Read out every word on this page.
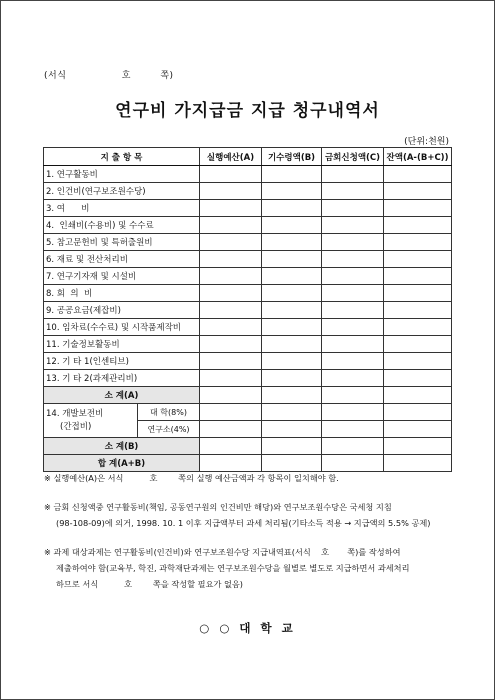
(서식	호	쪽)
연구비 가지급금 지급 청구내역서
(단위:천원)
지 출 항 목		실행예산(A)	기수령액(B)	금회신청액(C)	잔액(A-(B+C))
1. 연구활동비					
2. 인건비(연구보조원수당)					
3. 여      비					
4.  인쇄비(수용비) 및 수수료					
5. 참고문헌비 및 특허출원비					
6. 재료 및 전산처리비					
7. 연구기자재 및 시설비					
8. 회  의  비					
9. 공공요금(제잡비)					
10. 임차료(수수료) 및 시작품제작비					
11. 기술정보활동비					
12. 기 타 1(인센티브)					
13. 기 타 2(과제관리비)					
소 계(A)					
14. 개발보전비
(간접비)	대 학(8%)				
	연구소(4%)				
소 계(B)					
합 계(A+B)					
※ 실행예산(A)은 서식          호        쪽의 실행 예산금액과 각 항목이 일치해야 함.
※ 금회 신청액중 연구활동비(책임, 공동연구원의 인건비만 해당)와 연구보조원수당은 국세청 지침
(98-108-09)에 의거, 1998. 10. 1 이후 지급액부터 과세 처리됨(기타소득 적용 → 지급액의 5.5% 공제)
※ 과제 대상과제는 연구활동비(인건비)와 연구보조원수당 지급내역표(서식    호       쪽)를 작성하여
제출하여야 함(교육부, 학진, 과학재단과제는 연구보조원수당을 월별로 별도로 지급하면서 과세처리
하므로 서식          호        쪽을 작성할 필요가 없음)
○ ○ 대 학 교
